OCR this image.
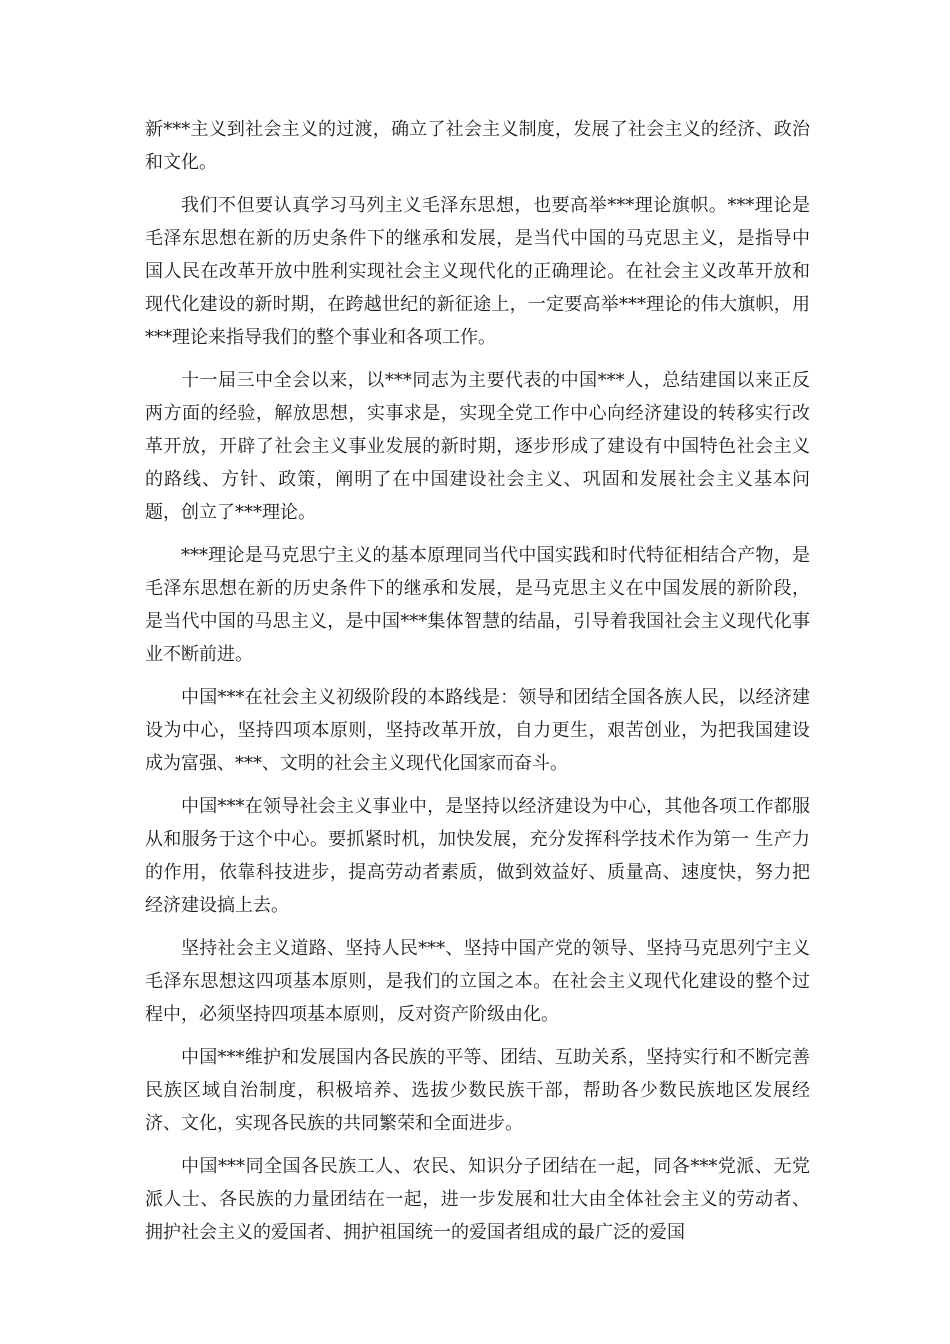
新***主义到社会主义的过渡，确立了社会主义制度，发展了社会主义的经济、政治和文化。

我们不但要认真学习马列主义毛泽东思想，也要高举***理论旗帜。***理论是毛泽东思想在新的历史条件下的继承和发展，是当代中国的马克思主义，是指导中国人民在改革开放中胜利实现社会主义现代化的正确理论。在社会主义改革开放和现代化建设的新时期，在跨越世纪的新征途上，一定要高举***理论的伟大旗帜，用***理论来指导我们的整个事业和各项工作。

十一届三中全会以来，以***同志为主要代表的中国***人，总结建国以来正反两方面的经验，解放思想，实事求是，实现全党工作中心向经济建设的转移实行改革开放，开辟了社会主义事业发展的新时期，逐步形成了建设有中国特色社会主义的路线、方针、政策，阐明了在中国建设社会主义、巩固和发展社会主义基本问题，创立了***理论。

***理论是马克思宁主义的基本原理同当代中国实践和时代特征相结合产物，是毛泽东思想在新的历史条件下的继承和发展，是马克思主义在中国发展的新阶段，是当代中国的马思主义，是中国***集体智慧的结晶，引导着我国社会主义现代化事业不断前进。

中国***在社会主义初级阶段的本路线是：领导和团结全国各族人民，以经济建设为中心，坚持四项本原则，坚持改革开放，自力更生，艰苦创业，为把我国建设成为富强、***、文明的社会主义现代化国家而奋斗。

中国***在领导社会主义事业中，是坚持以经济建设为中心，其他各项工作都服从和服务于这个中心。要抓紧时机，加快发展，充分发挥科学技术作为第一 生产力的作用，依靠科技进步，提高劳动者素质，做到效益好、质量高、速度快，努力把经济建设搞上去。

坚持社会主义道路、坚持人民***、坚持中国产党的领导、坚持马克思列宁主义毛泽东思想这四项基本原则，是我们的立国之本。在社会主义现代化建设的整个过程中，必须坚持四项基本原则，反对资产阶级由化。

中国***维护和发展国内各民族的平等、团结、互助关系，坚持实行和不断完善民族区域自治制度，积极培养、选拔少数民族干部，帮助各少数民族地区发展经济、文化，实现各民族的共同繁荣和全面进步。

中国***同全国各民族工人、农民、知识分子团结在一起，同各***党派、无党派人士、各民族的力量团结在一起，进一步发展和壮大由全体社会主义的劳动者、拥护社会主义的爱国者、拥护祖国统一的爱国者组成的最广泛的爱国
